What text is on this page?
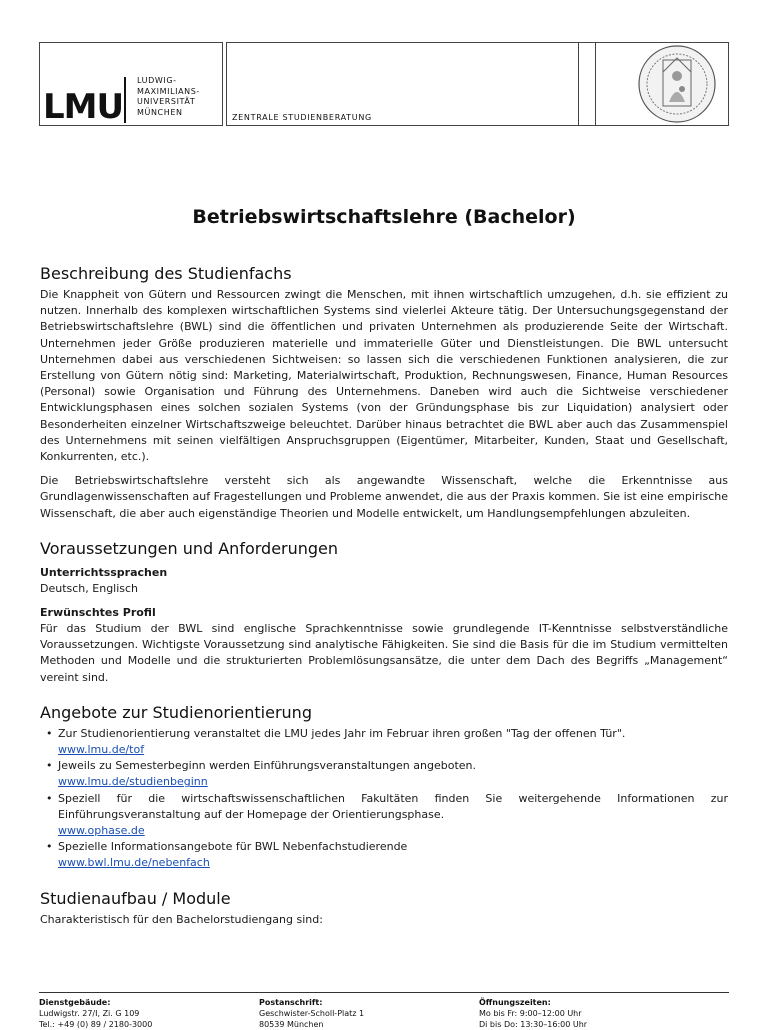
LMU
LUDWIG-
MAXIMILIANS-
UNIVERSITÄT
MÜNCHEN
ZENTRALE STUDIENBERATUNG
Betriebswirtschaftslehre (Bachelor)
Beschreibung des Studienfachs

Die Knappheit von Gütern und Ressourcen zwingt die Menschen, mit ihnen wirtschaftlich umzugehen, d.h. sie effizient zu nutzen. Innerhalb des komplexen wirtschaftlichen Systems sind vielerlei Akteure tätig. Der Untersuchungsgegenstand der Betriebswirtschaftslehre (BWL) sind die öffentlichen und privaten Unternehmen als produzierende Seite der Wirtschaft. Unternehmen jeder Größe produzieren materielle und immaterielle Güter und Dienstleistungen. Die BWL untersucht Unternehmen dabei aus verschiedenen Sichtweisen: so lassen sich die verschiedenen Funktionen analysieren, die zur Erstellung von Gütern nötig sind: Marketing, Materialwirtschaft, Produktion, Rechnungswesen, Finance, Human Resources (Personal) sowie Organisation und Führung des Unternehmens. Daneben wird auch die Sichtweise verschiedener Entwicklungsphasen eines solchen sozialen Systems (von der Gründungsphase bis zur Liquidation) analysiert oder Besonderheiten einzelner Wirtschaftszweige beleuchtet. Darüber hinaus betrachtet die BWL aber auch das Zusammenspiel des Unternehmens mit seinen vielfältigen Anspruchsgruppen (Eigentümer, Mitarbeiter, Kunden, Staat und Gesellschaft, Konkurrenten, etc.).

Die Betriebswirtschaftslehre versteht sich als angewandte Wissenschaft, welche die Erkenntnisse aus Grundlagenwissenschaften auf Fragestellungen und Probleme anwendet, die aus der Praxis kommen. Sie ist eine empirische Wissenschaft, die aber auch eigenständige Theorien und Modelle entwickelt, um Handlungsempfehlungen abzuleiten.

Voraussetzungen und Anforderungen
Unterrichtssprachen

Deutsch, Englisch

Erwünschtes Profil

Für das Studium der BWL sind englische Sprachkenntnisse sowie grundlegende IT-Kenntnisse selbstverständliche Voraussetzungen. Wichtigste Voraussetzung sind analytische Fähigkeiten. Sie sind die Basis für die im Studium vermittelten Methoden und Modelle und die strukturierten Problemlösungsansätze, die unter dem Dach des Begriffs „Management“ vereint sind.

Angebote zur Studienorientierung
• Zur Studienorientierung veranstaltet die LMU jedes Jahr im Februar ihren großen "Tag der offenen Tür".
www.lmu.de/tof
• Jeweils zu Semesterbeginn werden Einführungsveranstaltungen angeboten.
www.lmu.de/studienbeginn
• Speziell für die wirtschaftswissenschaftlichen Fakultäten finden Sie weitergehende Informationen zur Einführungsveranstaltung auf der Homepage der Orientierungsphase.
www.ophase.de
• Spezielle Informationsangebote für BWL Nebenfachstudierende
www.bwl.lmu.de/nebenfach
Studienaufbau / Module

Charakteristisch für den Bachelorstudiengang sind:

Dienstgebäude:
Ludwigstr. 27/I, Zi. G 109
Tel.: +49 (0) 89 / 2180-3000
Postanschrift:
Geschwister-Scholl-Platz 1
80539 München
Öffnungszeiten:
Mo bis Fr: 9:00–12:00 Uhr
Di bis Do: 13:30–16:00 Uhr
